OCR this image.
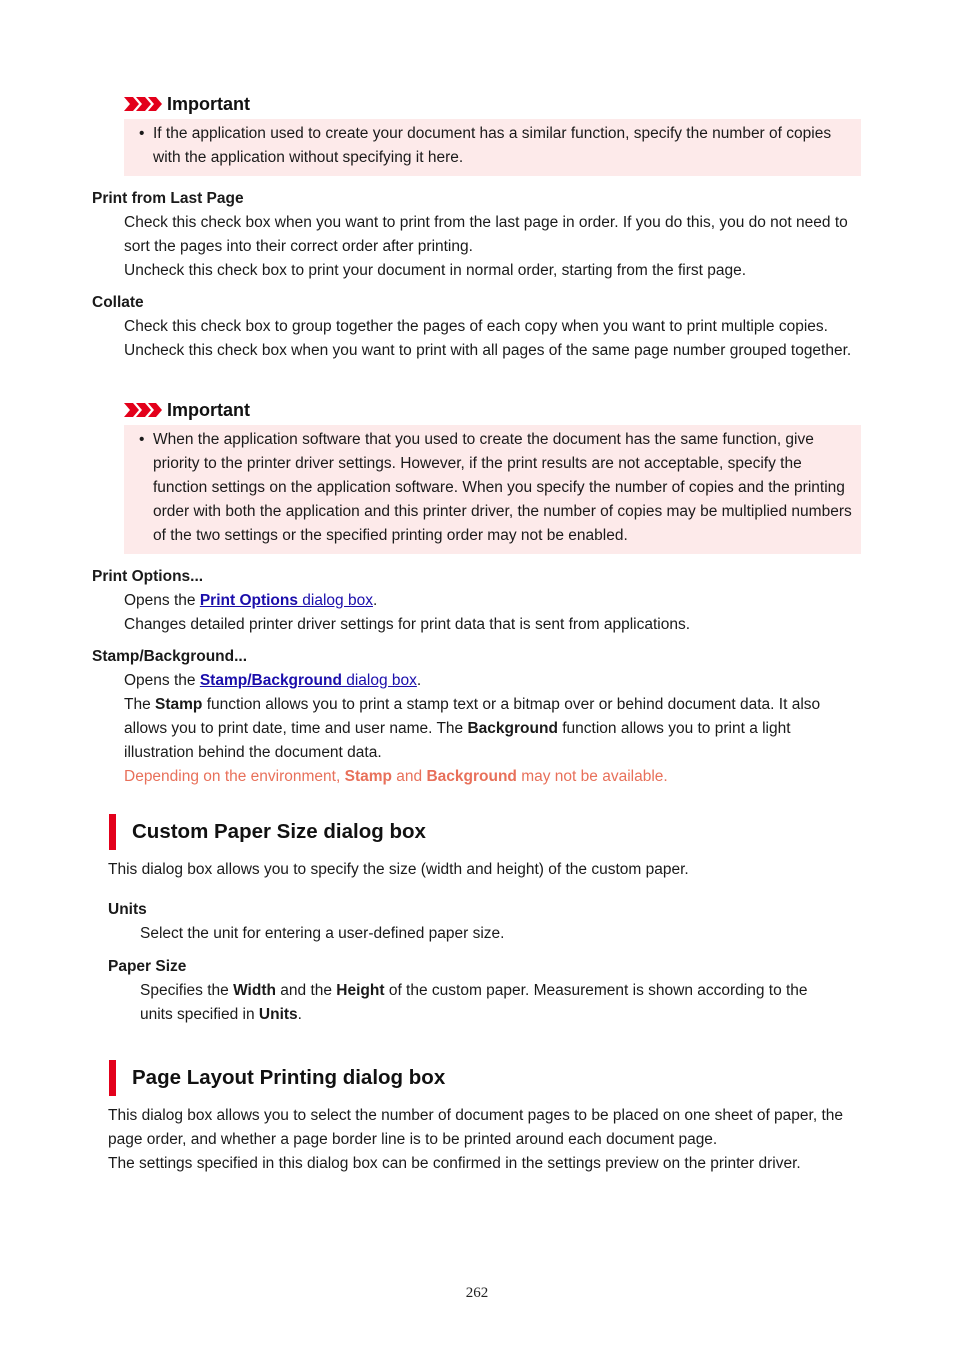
Important
• If the application used to create your document has a similar function, specify the number of copies with the application without specifying it here.
Print from Last Page

Check this check box when you want to print from the last page in order. If you do this, you do not need to sort the pages into their correct order after printing.

Uncheck this check box to print your document in normal order, starting from the first page.

Collate

Check this check box to group together the pages of each copy when you want to print multiple copies. Uncheck this check box when you want to print with all pages of the same page number grouped together.

Important
• When the application software that you used to create the document has the same function, give priority to the printer driver settings. However, if the print results are not acceptable, specify the function settings on the application software. When you specify the number of copies and the printing order with both the application and this printer driver, the number of copies may be multiplied numbers of the two settings or the specified printing order may not be enabled.
Print Options...

Opens the Print Options dialog box.

Changes detailed printer driver settings for print data that is sent from applications.

Stamp/Background...

Opens the Stamp/Background dialog box.

The Stamp function allows you to print a stamp text or a bitmap over or behind document data. It also allows you to print date, time and user name. The Background function allows you to print a light illustration behind the document data.

Depending on the environment, Stamp and Background may not be available.

Custom Paper Size dialog box
This dialog box allows you to specify the size (width and height) of the custom paper.
Units
Select the unit for entering a user-defined paper size.
Paper Size

Specifies the Width and the Height of the custom paper. Measurement is shown according to the units specified in Units.

Page Layout Printing dialog box

This dialog box allows you to select the number of document pages to be placed on one sheet of paper, the page order, and whether a page border line is to be printed around each document page.

The settings specified in this dialog box can be confirmed in the settings preview on the printer driver.

262
